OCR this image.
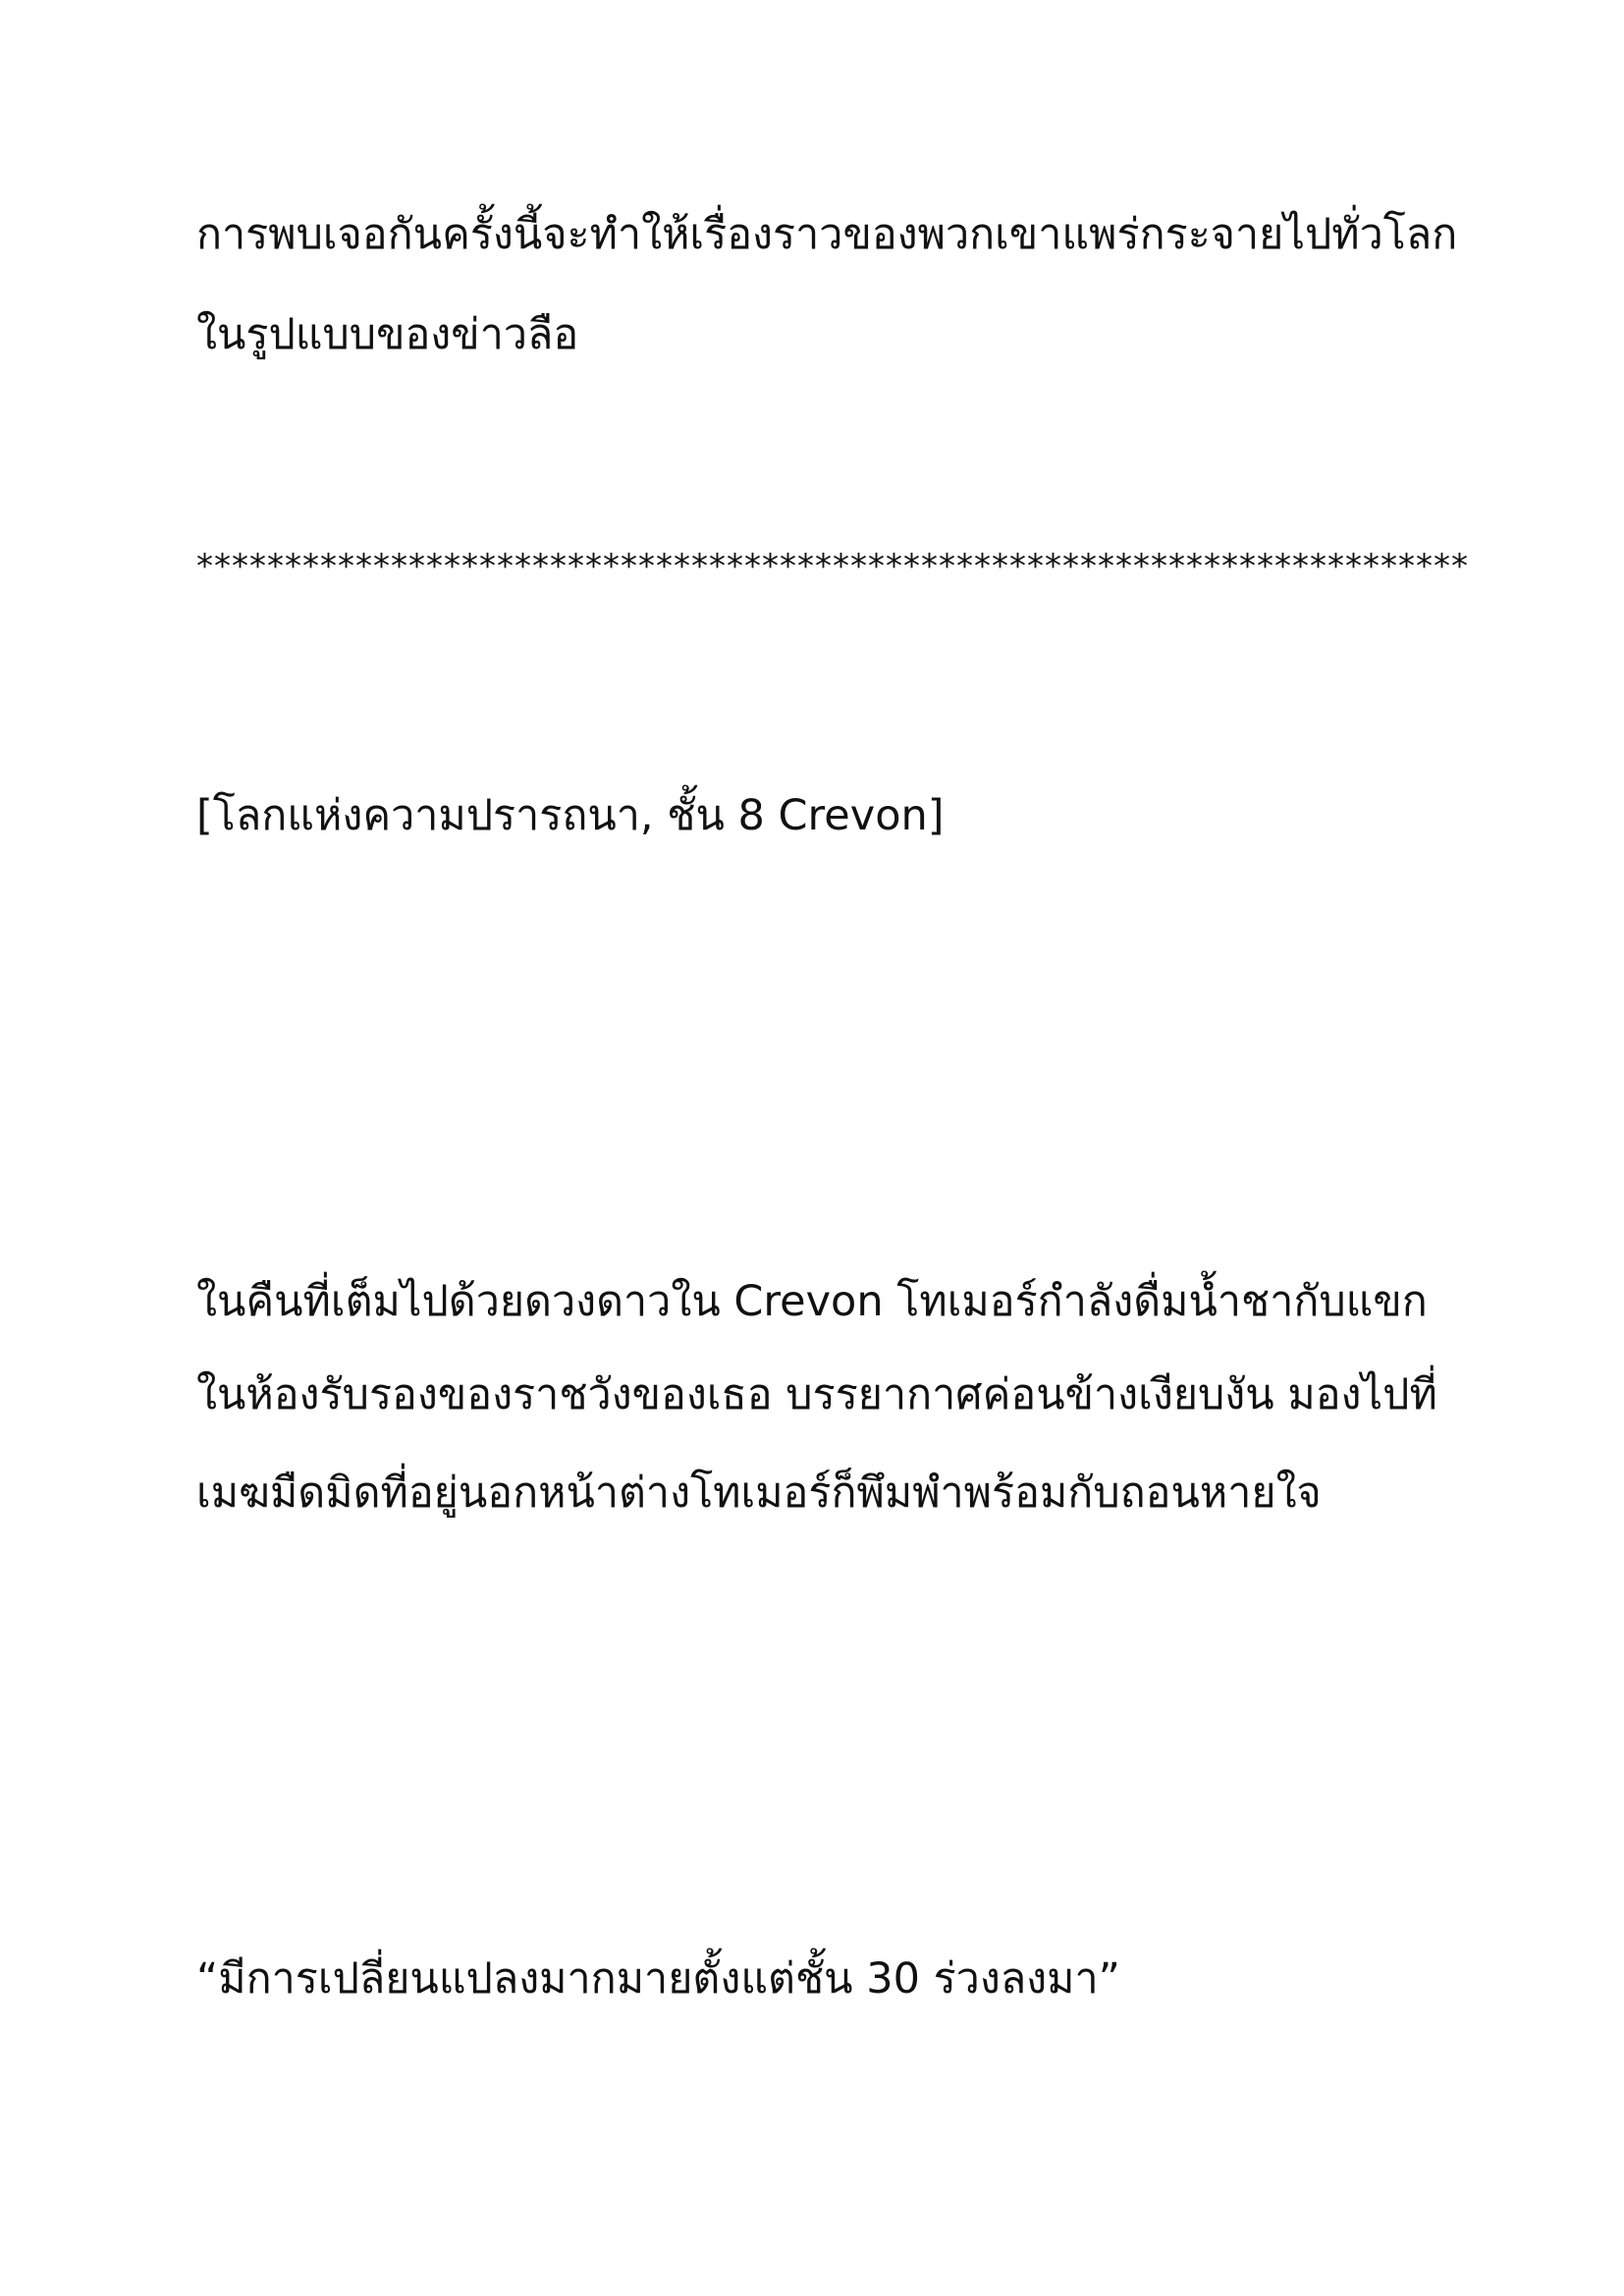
การพบเจอกันครั้งนี้จะทำให้เรื่องราวของพวกเขาแพร่กระจายไปทั่วโลก

ในรูปแบบของข่าวลือ

************************************************************************

[โลกแห่งความปรารถนา, ชั้น 8 Crevon]

ในคืนที่เต็มไปด้วยดวงดาวใน Crevon โทเมอร์กำลังดื่มน้ำชากับแขก

ในห้องรับรองของราชวังของเธอ บรรยากาศค่อนข้างเงียบงัน มองไปที่

เมฆมืดมิดที่อยู่นอกหน้าต่างโทเมอร์ก็พึมพำพร้อมกับถอนหายใจ

“มีการเปลี่ยนแปลงมากมายตั้งแต่ชั้น 30 ร่วงลงมา”
